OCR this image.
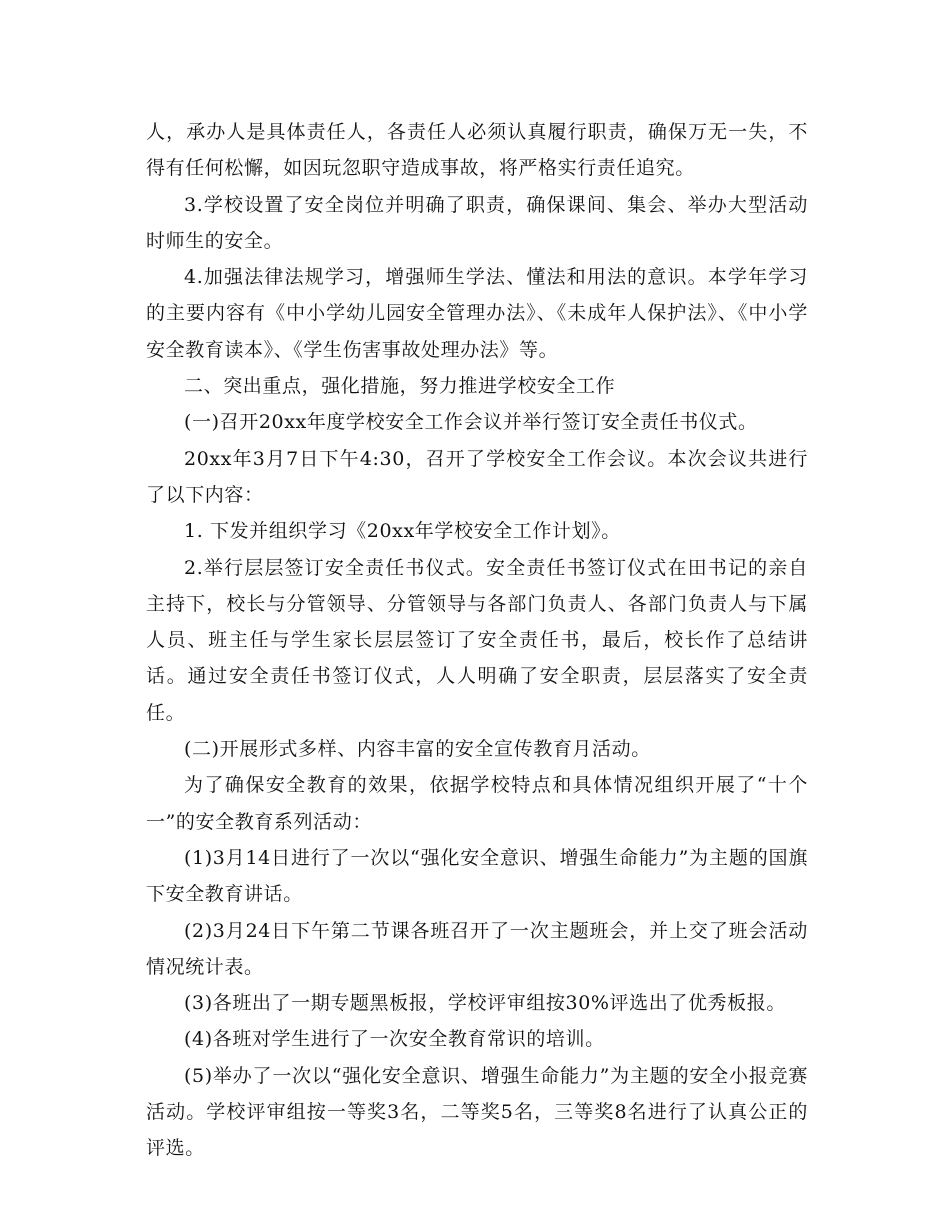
人，承办人是具体责任人，各责任人必须认真履行职责，确保万无一失，不得有任何松懈，如因玩忽职守造成事故，将严格实行责任追究。

3.学校设置了安全岗位并明确了职责，确保课间、集会、举办大型活动时师生的安全。

4.加强法律法规学习，增强师生学法、懂法和用法的意识。本学年学习的主要内容有《中小学幼儿园安全管理办法》、《未成年人保护法》、《中小学安全教育读本》、《学生伤害事故处理办法》等。

二、突出重点，强化措施，努力推进学校安全工作

(一)召开20xx年度学校安全工作会议并举行签订安全责任书仪式。

20xx年3月7日下午4:30，召开了学校安全工作会议。本次会议共进行了以下内容：

1. 下发并组织学习《20xx年学校安全工作计划》。

2.举行层层签订安全责任书仪式。安全责任书签订仪式在田书记的亲自主持下，校长与分管领导、分管领导与各部门负责人、各部门负责人与下属人员、班主任与学生家长层层签订了安全责任书，最后，校长作了总结讲话。通过安全责任书签订仪式，人人明确了安全职责，层层落实了安全责任。

(二)开展形式多样、内容丰富的安全宣传教育月活动。

为了确保安全教育的效果，依据学校特点和具体情况组织开展了“十个一”的安全教育系列活动：

(1)3月14日进行了一次以“强化安全意识、增强生命能力”为主题的国旗下安全教育讲话。

(2)3月24日下午第二节课各班召开了一次主题班会，并上交了班会活动情况统计表。

(3)各班出了一期专题黑板报，学校评审组按30%评选出了优秀板报。

(4)各班对学生进行了一次安全教育常识的培训。

(5)举办了一次以“强化安全意识、增强生命能力”为主题的安全小报竞赛活动。学校评审组按一等奖3名，二等奖5名，三等奖8名进行了认真公正的评选。
